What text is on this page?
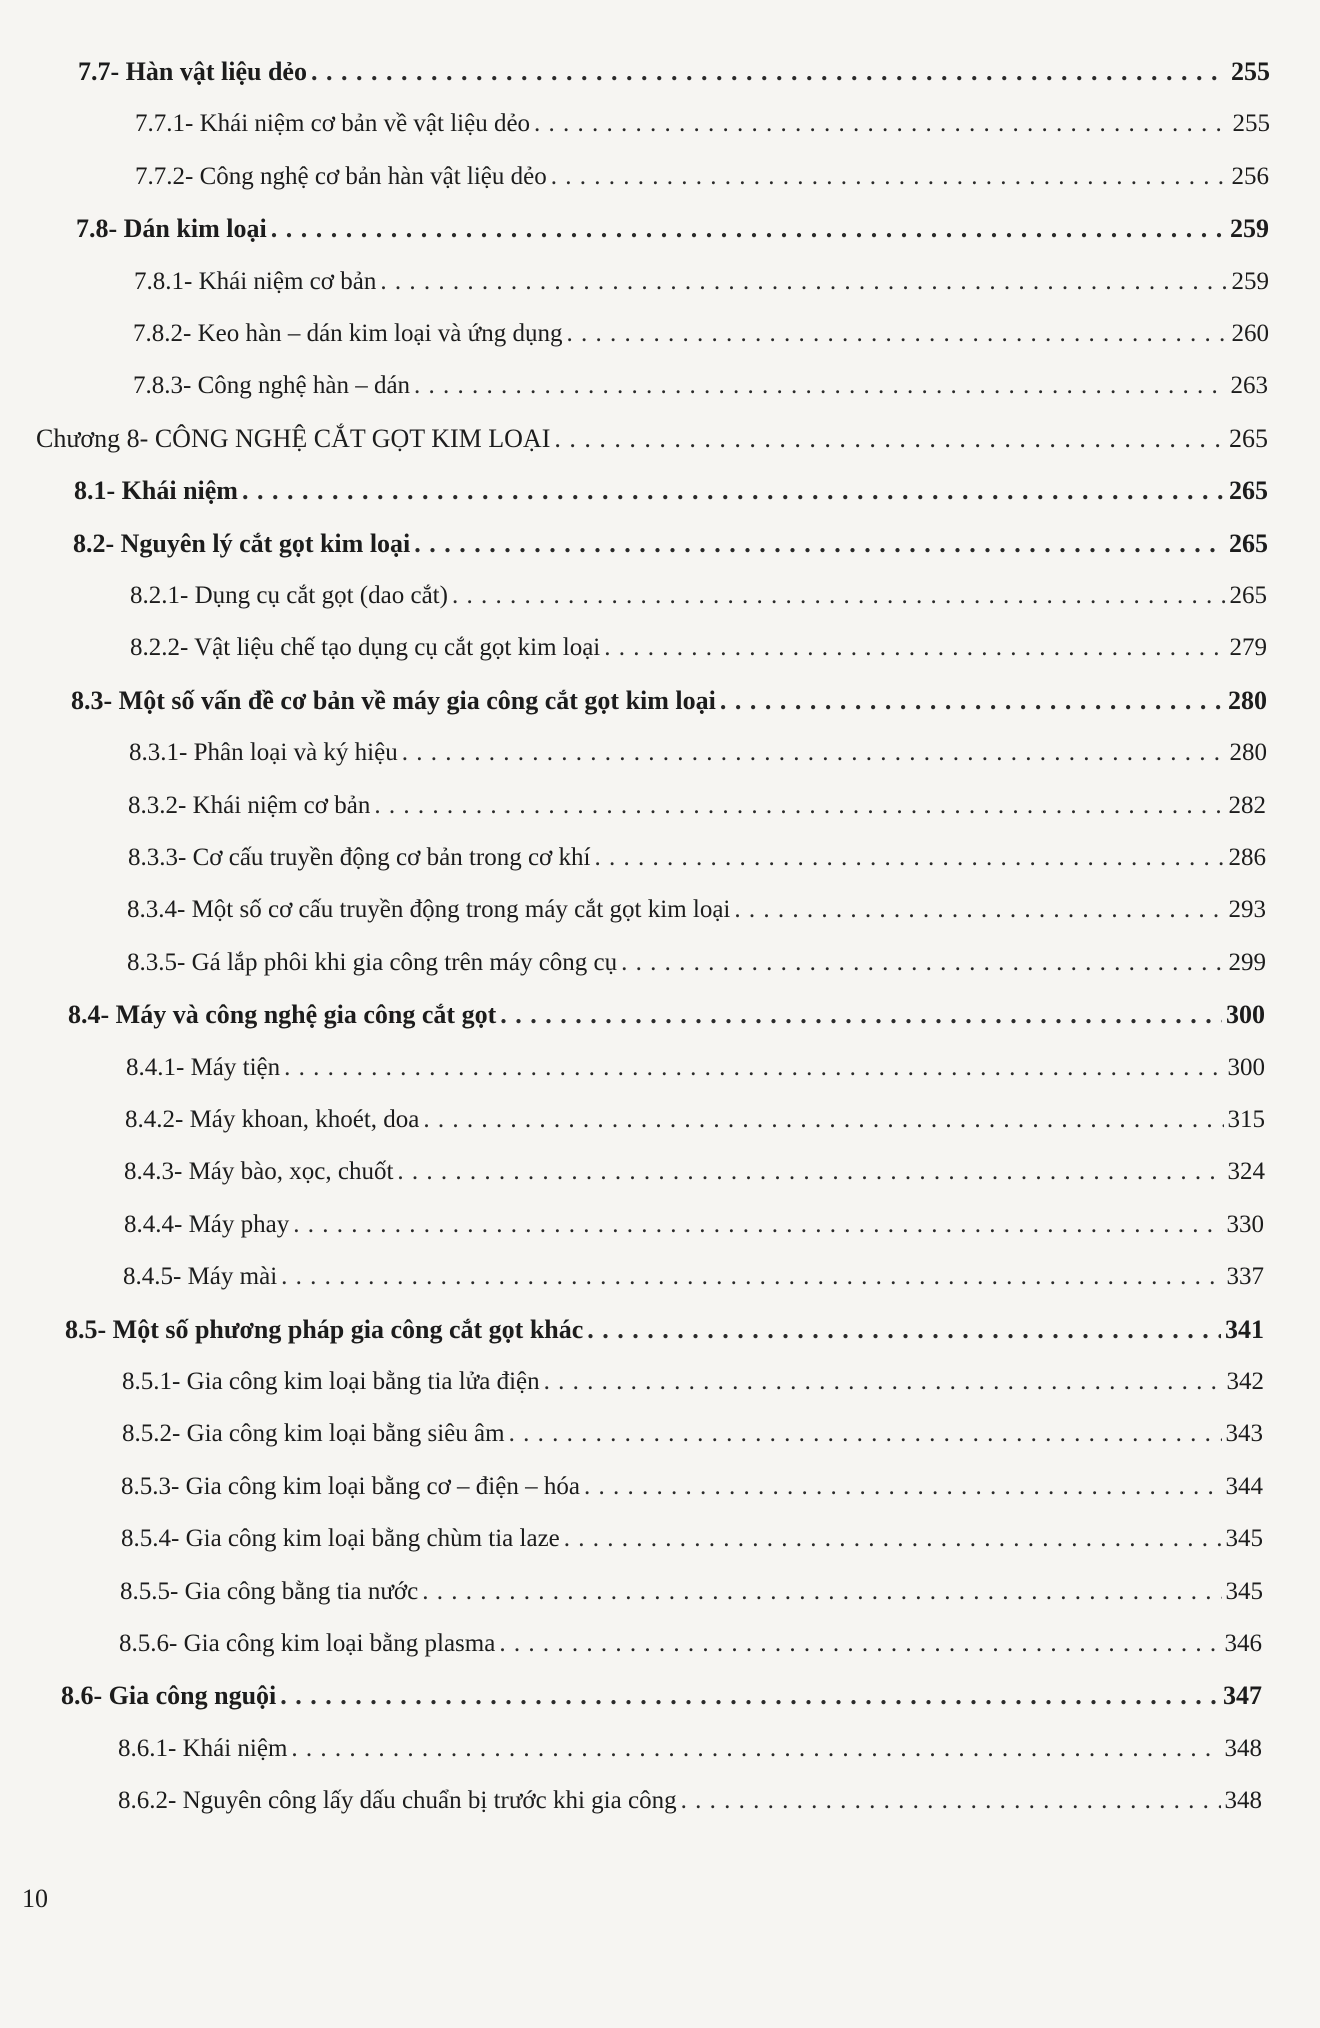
7.7- Hàn vật liệu dẻo . . .	255
7.7.1- Khái niệm cơ bản về vật liệu dẻo . . .	255
7.7.2- Công nghệ cơ bản hàn vật liệu dẻo . . .	256
7.8- Dán kim loại . . .	259
7.8.1- Khái niệm cơ bản . . .	259
7.8.2- Keo hàn – dán kim loại và ứng dụng . . .	260
7.8.3- Công nghệ hàn – dán . . .	263
Chương 8- CÔNG NGHỆ CẮT GỌT KIM LOẠI . . .	265
8.1- Khái niệm . . .	265
8.2- Nguyên lý cắt gọt kim loại . . .	265
8.2.1- Dụng cụ cắt gọt (dao cắt) . . .	265
8.2.2- Vật liệu chế tạo dụng cụ cắt gọt kim loại . . .	279
8.3- Một số vấn đề cơ bản về máy gia công cắt gọt kim loại . . .	280
8.3.1- Phân loại và ký hiệu . . .	280
8.3.2- Khái niệm cơ bản . . .	282
8.3.3- Cơ cấu truyền động cơ bản trong cơ khí . . .	286
8.3.4- Một số cơ cấu truyền động trong máy cắt gọt kim loại . . .	293
8.3.5- Gá lắp phôi khi gia công trên máy công cụ . . .	299
8.4- Máy và công nghệ gia công cắt gọt . . .	300
8.4.1- Máy tiện . . .	300
8.4.2- Máy khoan, khoét, doa . . .	315
8.4.3- Máy bào, xọc, chuốt . . .	324
8.4.4- Máy phay . . .	330
8.4.5- Máy mài . . .	337
8.5- Một số phương pháp gia công cắt gọt khác . . .	341
8.5.1- Gia công kim loại bằng tia lửa điện . . .	342
8.5.2- Gia công kim loại bằng siêu âm . . .	343
8.5.3- Gia công kim loại bằng cơ – điện – hóa . . .	344
8.5.4- Gia công kim loại bằng chùm tia laze . . .	345
8.5.5- Gia công bằng tia nước . . .	345
8.5.6- Gia công kim loại bằng plasma . . .	346
8.6- Gia công nguội . . .	347
8.6.1- Khái niệm . . .	348
8.6.2- Nguyên công lấy dấu chuẩn bị trước khi gia công . . .	348
10
